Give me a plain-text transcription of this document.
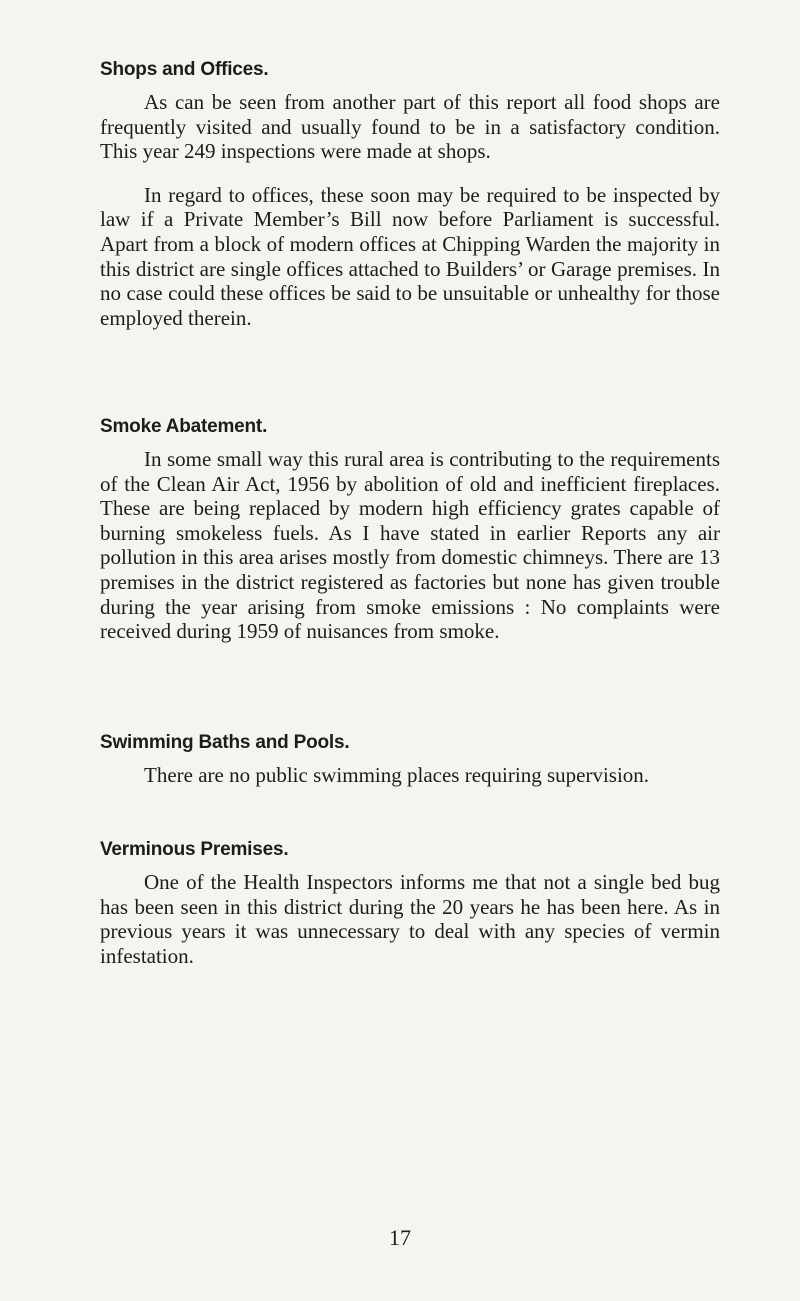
Shops and Offices.

As can be seen from another part of this report all food shops are frequently visited and usually found to be in a satisfactory condition. This year 249 inspections were made at shops.

In regard to offices, these soon may be required to be inspected by law if a Private Member’s Bill now before Parliament is successful. Apart from a block of modern offices at Chipping Warden the majority in this district are single offices attached to Builders’ or Garage premises. In no case could these offices be said to be unsuitable or unhealthy for those employed therein.

Smoke Abatement.

In some small way this rural area is contributing to the requirements of the Clean Air Act, 1956 by abolition of old and inefficient fireplaces. These are being replaced by modern high efficiency grates capable of burning smokeless fuels. As I have stated in earlier Reports any air pollution in this area arises mostly from domestic chimneys. There are 13 premises in the district registered as factories but none has given trouble during the year arising from smoke emissions : No complaints were received during 1959 of nuisances from smoke.

Swimming Baths and Pools.

There are no public swimming places requiring supervision.

Verminous Premises.

One of the Health Inspectors informs me that not a single bed bug has been seen in this district during the 20 years he has been here. As in previous years it was unnecessary to deal with any species of vermin infestation.

17
